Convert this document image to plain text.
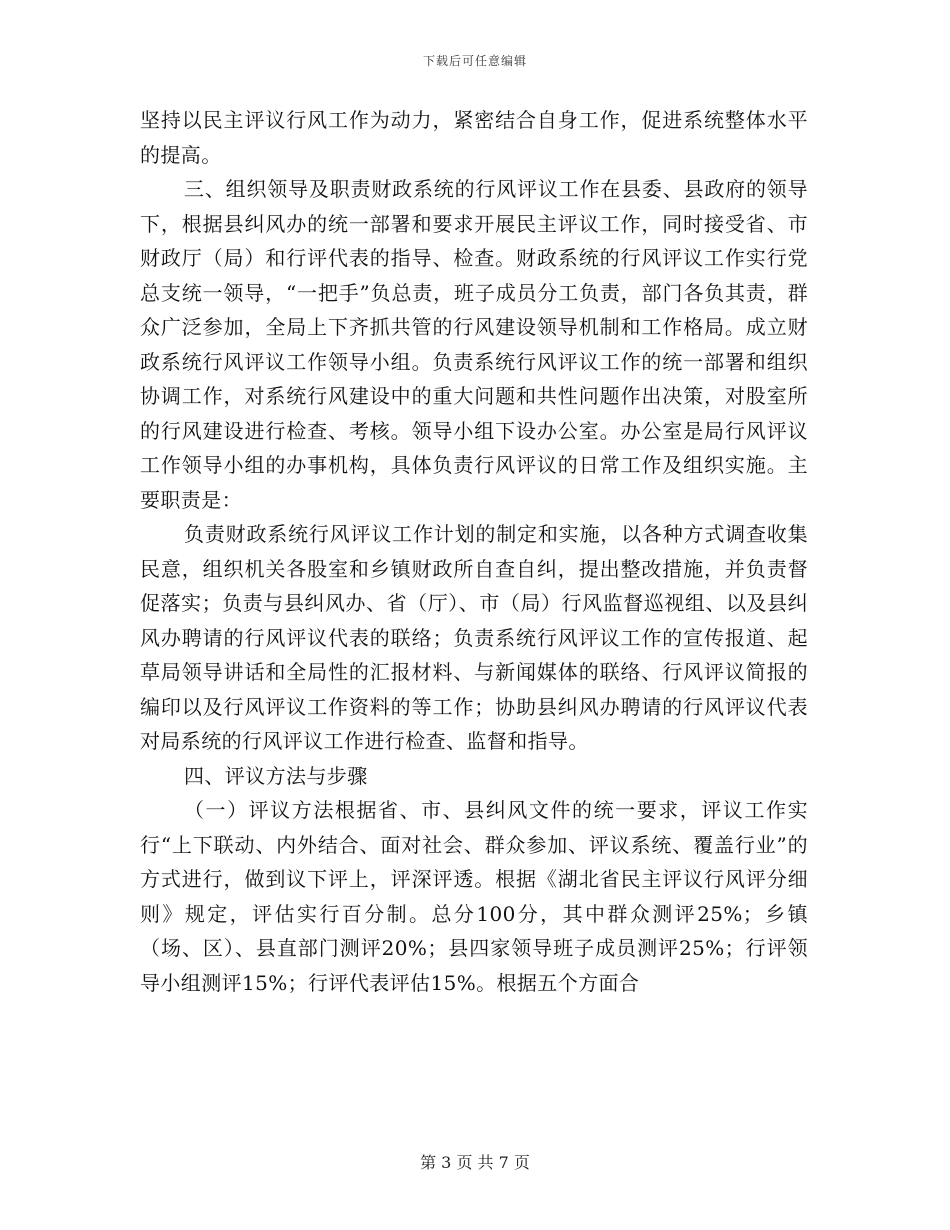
下载后可任意编辑

坚持以民主评议行风工作为动力，紧密结合自身工作，促进系统整体水平的提高。

三、组织领导及职责财政系统的行风评议工作在县委、县政府的领导下，根据县纠风办的统一部署和要求开展民主评议工作，同时接受省、市财政厅（局）和行评代表的指导、检查。财政系统的行风评议工作实行党总支统一领导，“一把手”负总责，班子成员分工负责，部门各负其责，群众广泛参加，全局上下齐抓共管的行风建设领导机制和工作格局。成立财政系统行风评议工作领导小组。负责系统行风评议工作的统一部署和组织协调工作，对系统行风建设中的重大问题和共性问题作出决策，对股室所的行风建设进行检查、考核。领导小组下设办公室。办公室是局行风评议工作领导小组的办事机构，具体负责行风评议的日常工作及组织实施。主要职责是：

负责财政系统行风评议工作计划的制定和实施，以各种方式调查收集民意，组织机关各股室和乡镇财政所自查自纠，提出整改措施，并负责督促落实；负责与县纠风办、省（厅）、市（局）行风监督巡视组、以及县纠风办聘请的行风评议代表的联络；负责系统行风评议工作的宣传报道、起草局领导讲话和全局性的汇报材料、与新闻媒体的联络、行风评议简报的编印以及行风评议工作资料的等工作；协助县纠风办聘请的行风评议代表对局系统的行风评议工作进行检查、监督和指导。

四、评议方法与步骤

（一）评议方法根据省、市、县纠风文件的统一要求，评议工作实行“上下联动、内外结合、面对社会、群众参加、评议系统、覆盖行业”的方式进行，做到议下评上，评深评透。根据《湖北省民主评议行风评分细则》规定，评估实行百分制。总分100分，其中群众测评25%；乡镇（场、区）、县直部门测评20%；县四家领导班子成员测评25%；行评领导小组测评15%；行评代表评估15%。根据五个方面合

第 3 页 共 7 页
